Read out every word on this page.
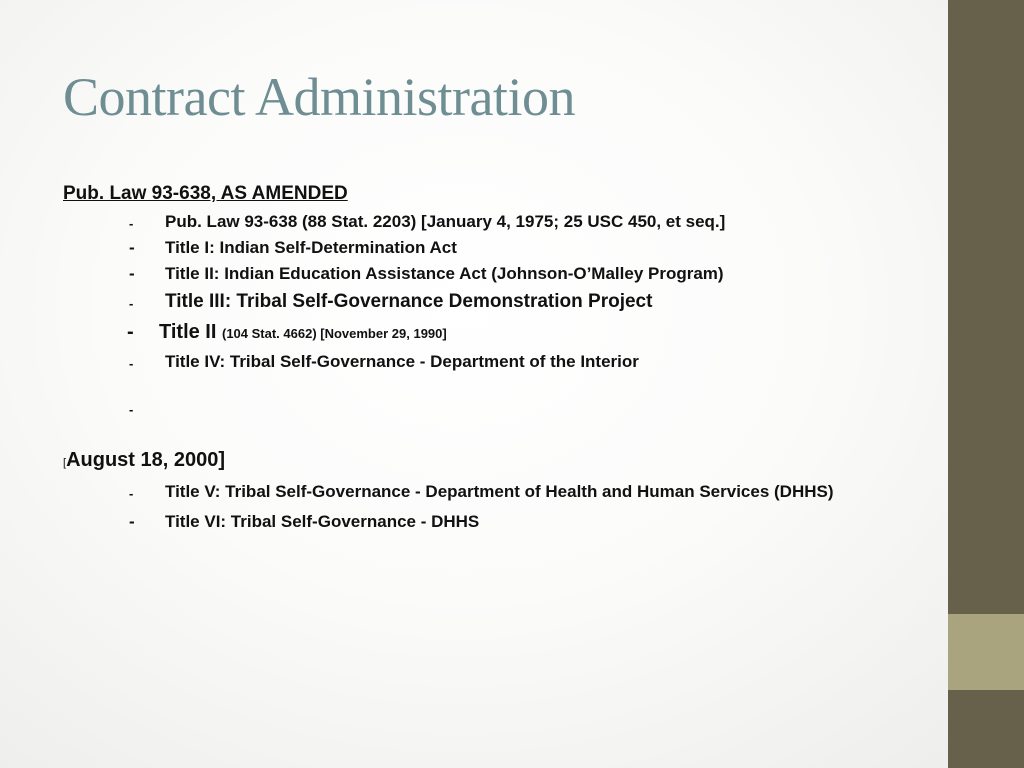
Contract Administration

Pub. Law 93-638, AS AMENDED

- Pub. Law 93-638 (88 Stat. 2203) [January 4, 1975; 25 USC 450, et seq.]
- Title I: Indian Self-Determination Act
- Title II: Indian Education Assistance Act (Johnson-O’Malley Program)
- Title III: Tribal Self-Governance Demonstration Project
- Title II (104 Stat. 4662) [November 29, 1990]
- Title IV: Tribal Self-Governance - Department of the Interior
-

[August 18, 2000]

- Title V: Tribal Self-Governance - Department of Health and Human Services (DHHS)
- Title VI: Tribal Self-Governance - DHHS
